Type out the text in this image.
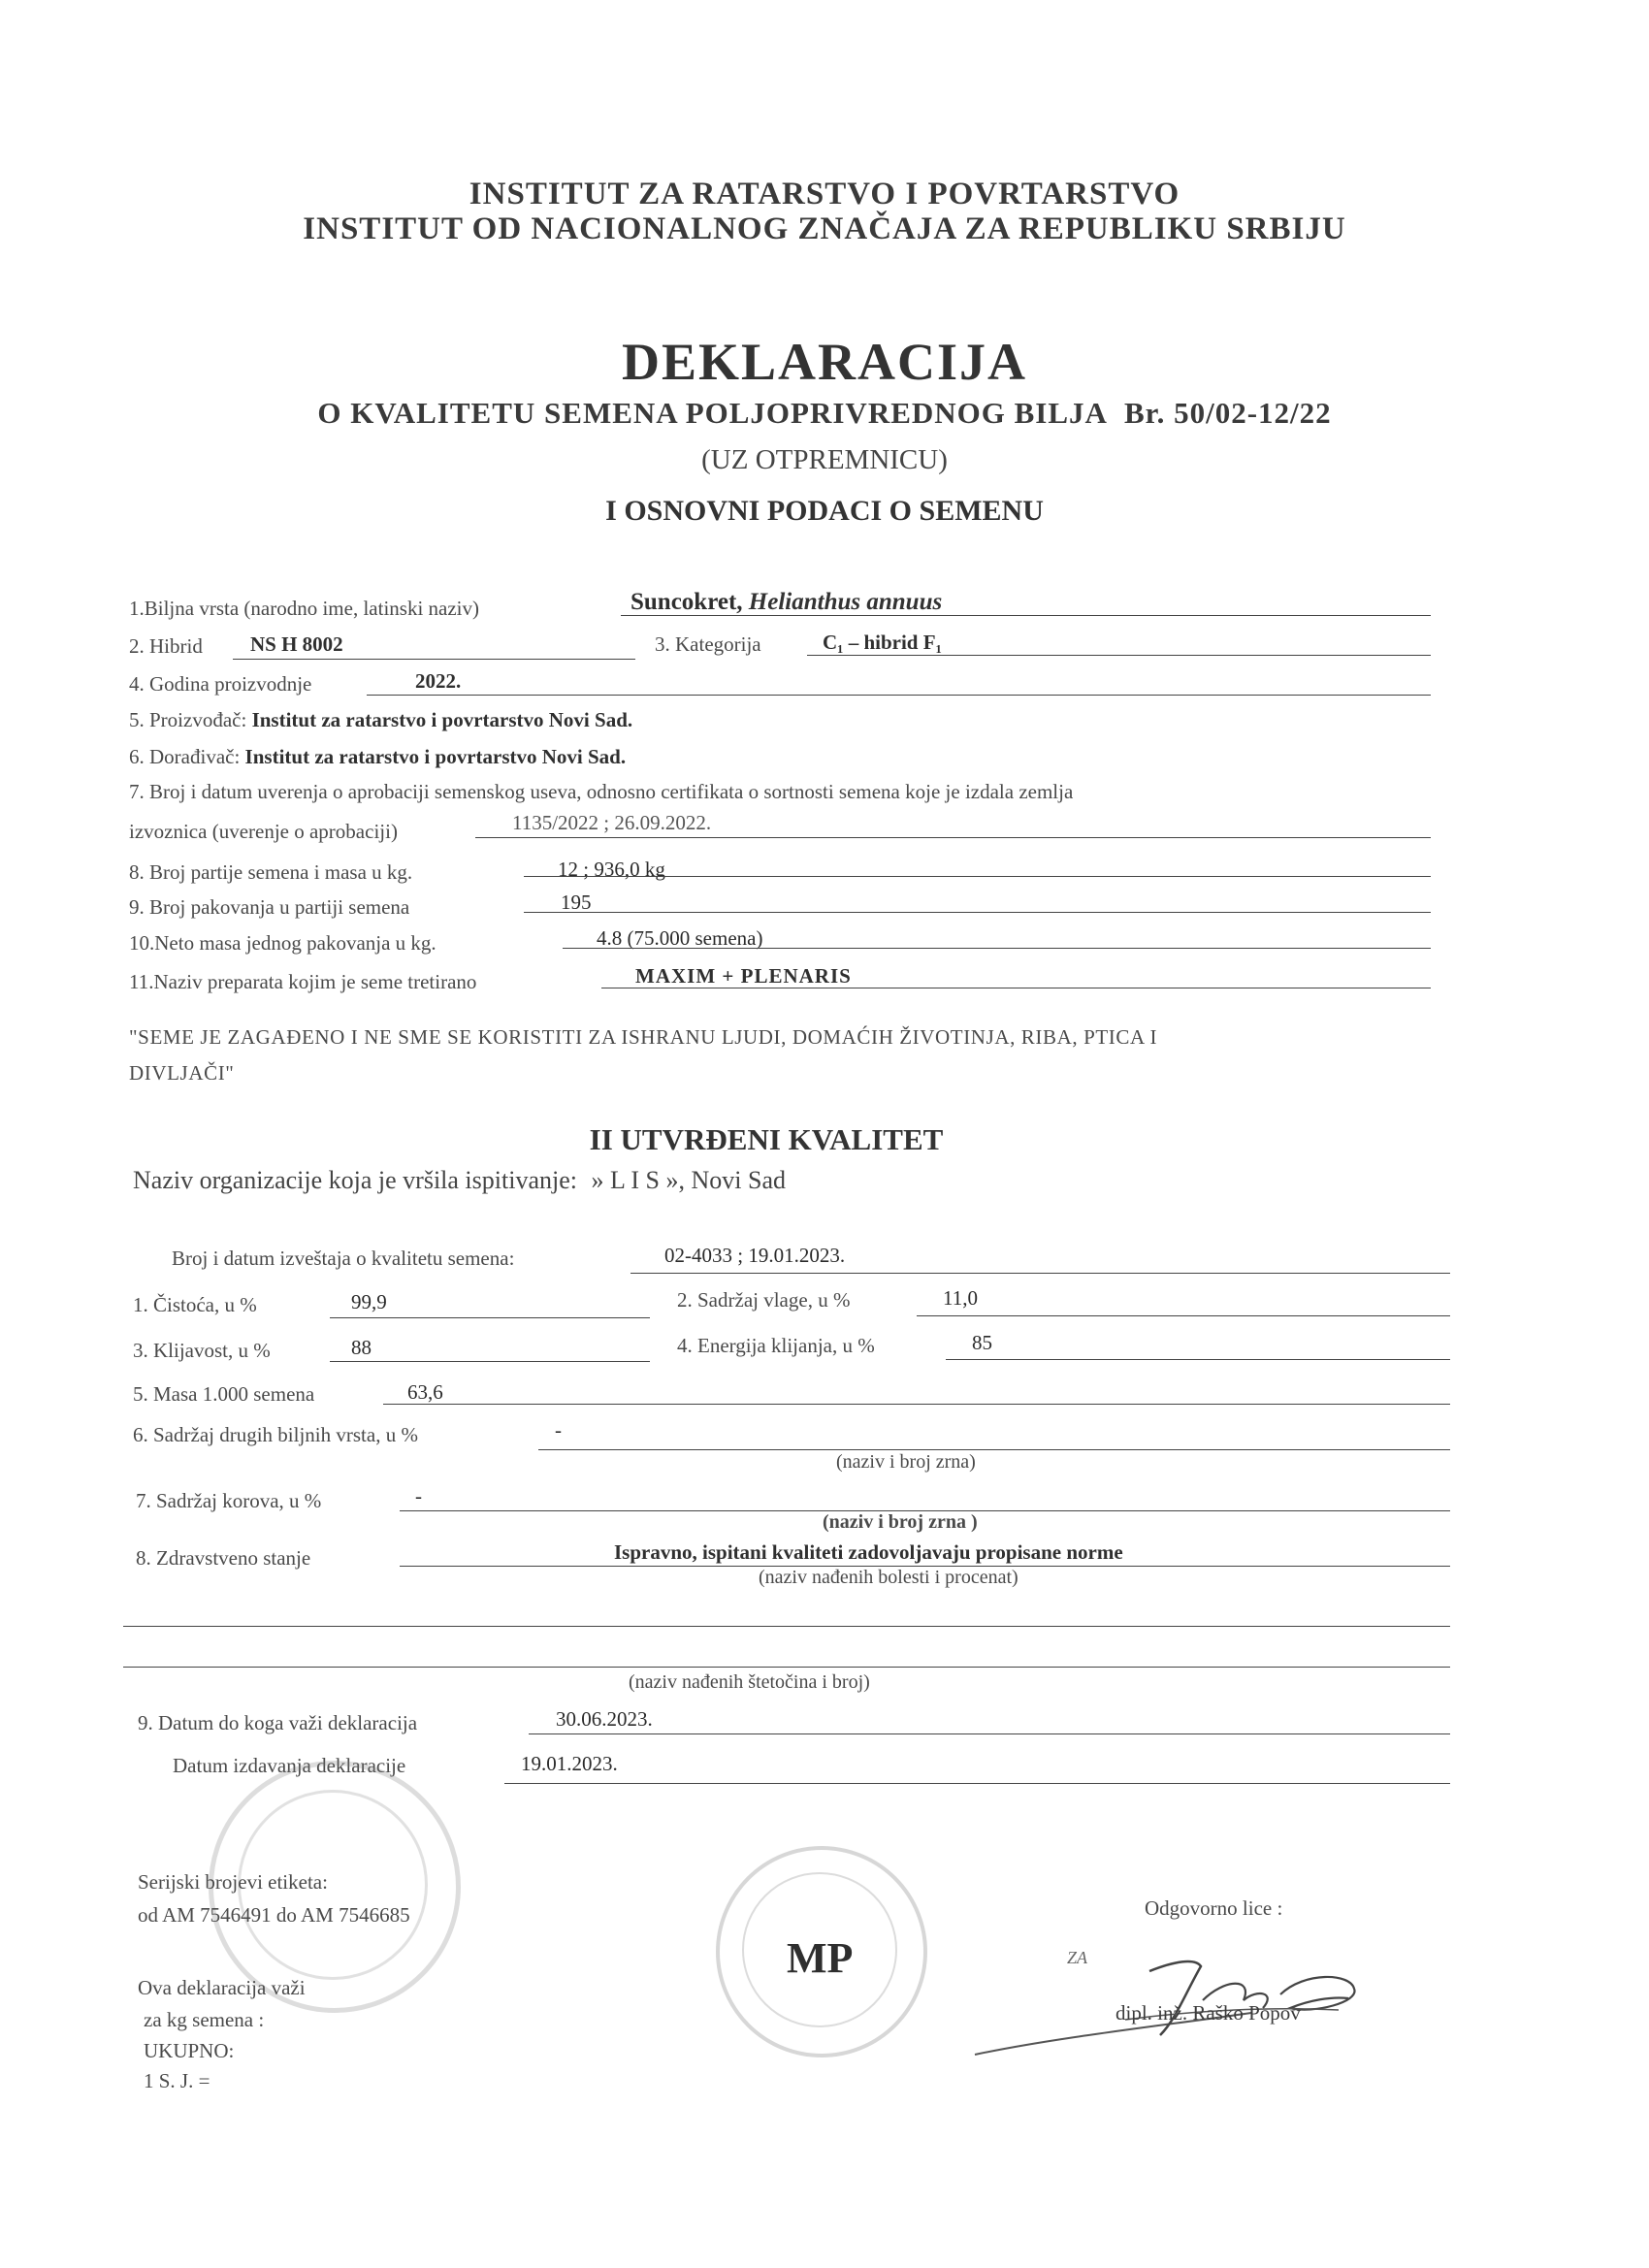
INSTITUT ZA RATARSTVO I POVRTARSTVO
INSTITUT OD NACIONALNOG ZNAČAJA ZA REPUBLIKU SRBIJU
DEKLARACIJA
O KVALITETU SEMENA POLJOPRIVREDNOG BILJA Br. 50/02-12/22
(UZ OTPREMNICU)
I OSNOVNI PODACI O SEMENU
1.Biljna vrsta (narodno ime, latinski naziv)	Suncokret, Helianthus annuus
2. Hibrid NS H 8002	3. Kategorija	C₁ – hibrid F₁
4. Godina proizvodnje	2022.
5. Proizvođač: Institut za ratarstvo i povrtarstvo Novi Sad.
6. Dorađivač: Institut za ratarstvo i povrtarstvo Novi Sad.
7. Broj i datum uverenja o aprobaciji semenskog useva, odnosno certifikata o sortnosti semena koje je izdala zemlja
izvoznica (uverenje o aprobaciji)	1135/2022 ; 26.09.2022.
8. Broj partije semena i masa u kg.	12 ; 936,0 kg
9. Broj pakovanja u partiji semena	195
10.Neto masa jednog pakovanja u kg.	4.8 (75.000 semena)
11.Naziv preparata kojim je seme tretirano	MAXIM + PLENARIS
"SEME JE ZAGAĐENO I NE SME SE KORISTITI ZA ISHRANU LJUDI, DOMAĆIH ŽIVOTINJA, RIBA, PTICA I
DIVLJAČI"
II UTVRĐENI KVALITET
Naziv organizacije koja je vršila ispitivanje: » L I S », Novi Sad
Broj i datum izveštaja o kvalitetu semena:	02-4033 ; 19.01.2023.
1. Čistoća, u %	99,9	2. Sadržaj vlage, u %	11,0
3. Klijavost, u %	88	4. Energija klijanja, u %	85
5. Masa 1.000 semena	63,6
6. Sadržaj drugih biljnih vrsta, u %	-
(naziv i broj zrna)
7. Sadržaj korova, u %	-
(naziv i broj zrna )
8. Zdravstveno stanje	Ispravno, ispitani kvaliteti zadovoljavaju propisane norme
(naziv nađenih bolesti i procenat)
(naziv nađenih štetočina i broj)
9. Datum do koga važi deklaracija	30.06.2023.
Datum izdavanja deklaracije	19.01.2023.
MP
Serijski brojevi etiketa:
od AM 7546491 do AM 7546685
Ova deklaracija važi
za kg semena :
UKUPNO:
1 S. J. =
Odgovorno lice :
ZA
dipl. inž. Raško Popov
